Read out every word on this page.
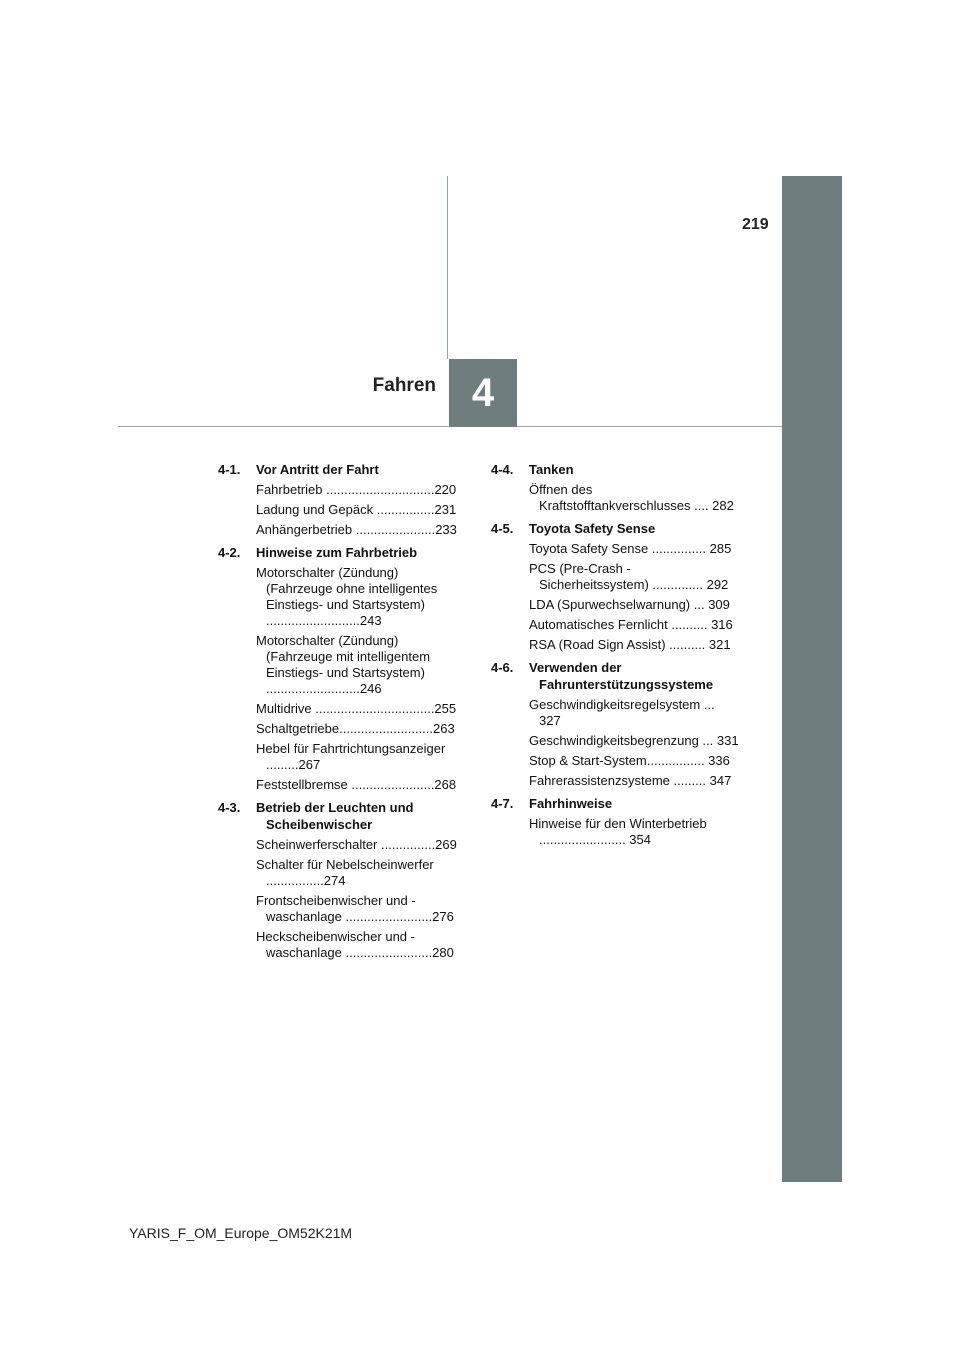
219
Fahren 4
4-1.	Vor Antritt der Fahrt
Fahrbetrieb ..............................220
Ladung und Gepäck ................231
Anhängerbetrieb ......................233
4-2.	Hinweise zum Fahrbetrieb
Motorschalter (Zündung) (Fahrzeuge ohne intelligentes Einstiegs- und Startsystem) ..........................243
Motorschalter (Zündung) (Fahrzeuge mit intelligentem Einstiegs- und Startsystem) ..........................246
Multidrive .................................255
Schaltgetriebe..........................263
Hebel für Fahrtrichtungsanzeiger .........267
Feststellbremse .......................268
4-3.	Betrieb der Leuchten und Scheibenwischer
Scheinwerferschalter ...............269
Schalter für Nebelscheinwerfer ................274
Frontscheibenwischer und -waschanlage ........................276
Heckscheibenwischer und -waschanlage ........................280
4-4.	Tanken
Öffnen des Kraftstofftankverschlusses .... 282
4-5.	Toyota Safety Sense
Toyota Safety Sense ............... 285
PCS (Pre-Crash -Sicherheitssystem) .............. 292
LDA (Spurwechselwarnung) ... 309
Automatisches Fernlicht .......... 316
RSA (Road Sign Assist) .......... 321
4-6.	Verwenden der Fahrunterstützungssysteme
Geschwindigkeitsregelsystem ... 327
Geschwindigkeitsbegrenzung ... 331
Stop & Start-System................ 336
Fahrerassistenzsysteme ......... 347
4-7.	Fahrhinweise
Hinweise für den Winterbetrieb ........................ 354
YARIS_F_OM_Europe_OM52K21M
